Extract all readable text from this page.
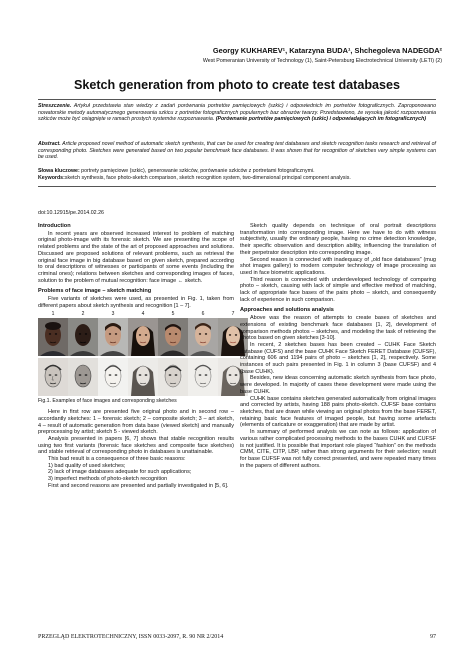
Georgy KUKHAREV¹, Katarzyna BUDA¹, Shchegoleva NADEGDA²
West Pomeranian University of Technology (1), Saint-Petersburg Electrotechnical University (LETI) (2)
Sketch generation from photo to create test databases
Streszczenie. Artykuł przedstawia stan wiedzy z zadań porównania portretów pamięciowych (szkic) i odpowiednich im portretów fotograficznych. Zaproponowano nowatorskie metody automatycznego generowania szkicu z portretów fotograficznych popularnych baz obrazów twarzy. Przedstawiono, że wysoką jakość rozpoznawania szkiców może być osiągnięte w ramach prostych systemów rozpoznawania. (Porównanie portretów pamięciowych (szkic) i odpowiadających im fotograficznych)
Abstract. Article proposed novel method of automatic sketch synthesis, that can be used for creating test databases and sketch recognition tasks research and retrieval of corresponding photo. Sketches were generated based on two popular benchmark face databases. It was shown that for recognition of sketches very simple systems can be used.
Słowa kluczowe: portrety pamięciowe (szkic), generowanie szkiców, porównanie szkiców z portretami fotograficznymi.
Keywords:sketch synthesis, face photo-sketch comparison, sketch recognition system, two-dimensional principal component analysis.
doi:10.12915/pe.2014.02.26
Introduction

In recent years are observed increased interest to problem of matching original photo-image with its forensic sketch. We are presenting the scope of related problems and the state of the art of proposed approaches and solutions. Discussed are proposed solutions of relevant problems, such as retrieval the original face image in big database based on given sketch, prepared according to oral descriptions of witnesses or participants of some events (including the criminal ones); relations between sketches and corresponding images of faces, solution to the problem of mutual recognition: face image ← sketch.

Problems of face image – sketch matching

Five variants of sketches were used, as presented in Fig. 1, taken from different papers about sketch synthesis and recognition [1 – 7].

1	2	3	4	5	6	7
Fig.1. Examples of face images and corresponding sketches

Here in first row are presented five original photo and in second row – accordantly sketches: 1 – forensic sketch; 2 – composite sketch; 3 – art sketch, 4 – result of automatic generation from data base (viewed sketch) and manually preprocessing by artist; sketch 5 - viewed sketch.

Analysis presented in papers [6, 7] shows that stable recognition results using two first variants (forensic face sketches and composite face sketches) and stable retrieval of corresponding photo in databases is unattainable.

This bad result is a consequence of three basic reasons:

1) bad quality of used sketches;

2) lack of image databases adequate for such applications;

3) imperfect methods of photo-sketch recognition

First and second reasons are presented and partially investigated in [5, 6].

Sketch quality depends on technique of oral portrait descriptions transformation into corresponding image. Here we have to do with witness subjectivity, usually the ordinary people, having no crime detection knowledge, their specific observation and description ability, influencing the translation of their perpetrator description into corresponding image.

Second reason is connected with inadequacy of „old face databases” (mug shot images gallery) to modern computer technology of image processing as used in face biometric applications.

Third reason is connected with underdeveloped technology of comparing photo – sketch, causing with lack of simple and effective method of matching, lack of appropriate face bases of the pairs photo – sketch, and consequently lack of experience in such comparison.

Approaches and solutions analysis

Above was the reason of attempts to create bases of sketches and extensions of existing benchmark face databases [1, 2], development of comparison methods photos – sketches, and modeling the task of retrieving the photos based on given sketches [3-10].

In recent, 2 sketches bases has been created – CUHK Face Sketch database (CUFS) and the base CUHK Face Sketch FERET Database (CUFSF), containing 606 and 1194 pairs of photo – sketches [1, 2], respectively. Some instances of such pairs presented in Fig. 1 in column 3 (base CUFSF) and 4 (base CUHK).

Besides, new ideas concerning automatic sketch synthesis from face photo, were developed. In majority of cases these development were made using the base CUHK.

CUHK base contains sketches generated automatically from original images and corrected by artists, having 188 pairs photo-sketch. CUFSF base contains sketches, that are drawn while viewing an original photos from the base FERET, retaining basic face features of imaged people, but having some artefacts (elements of caricature or exaggeration) that are made by artist.

In summary of performed analysis we can note as follows: application of various rather complicated processing methods to the bases CUHK and CUFSF is not justified. It is possible that important role played “fashion” on the methods CMM, CITE, CITP, LBP, rather than strong arguments for their selection; result for base CUFSF was not fully correct presented, and were repeated many times in the papers of different authors.

PRZEGLĄD ELEKTROTECHNICZNY, ISSN 0033-2097, R. 90 NR 2/2014	97
